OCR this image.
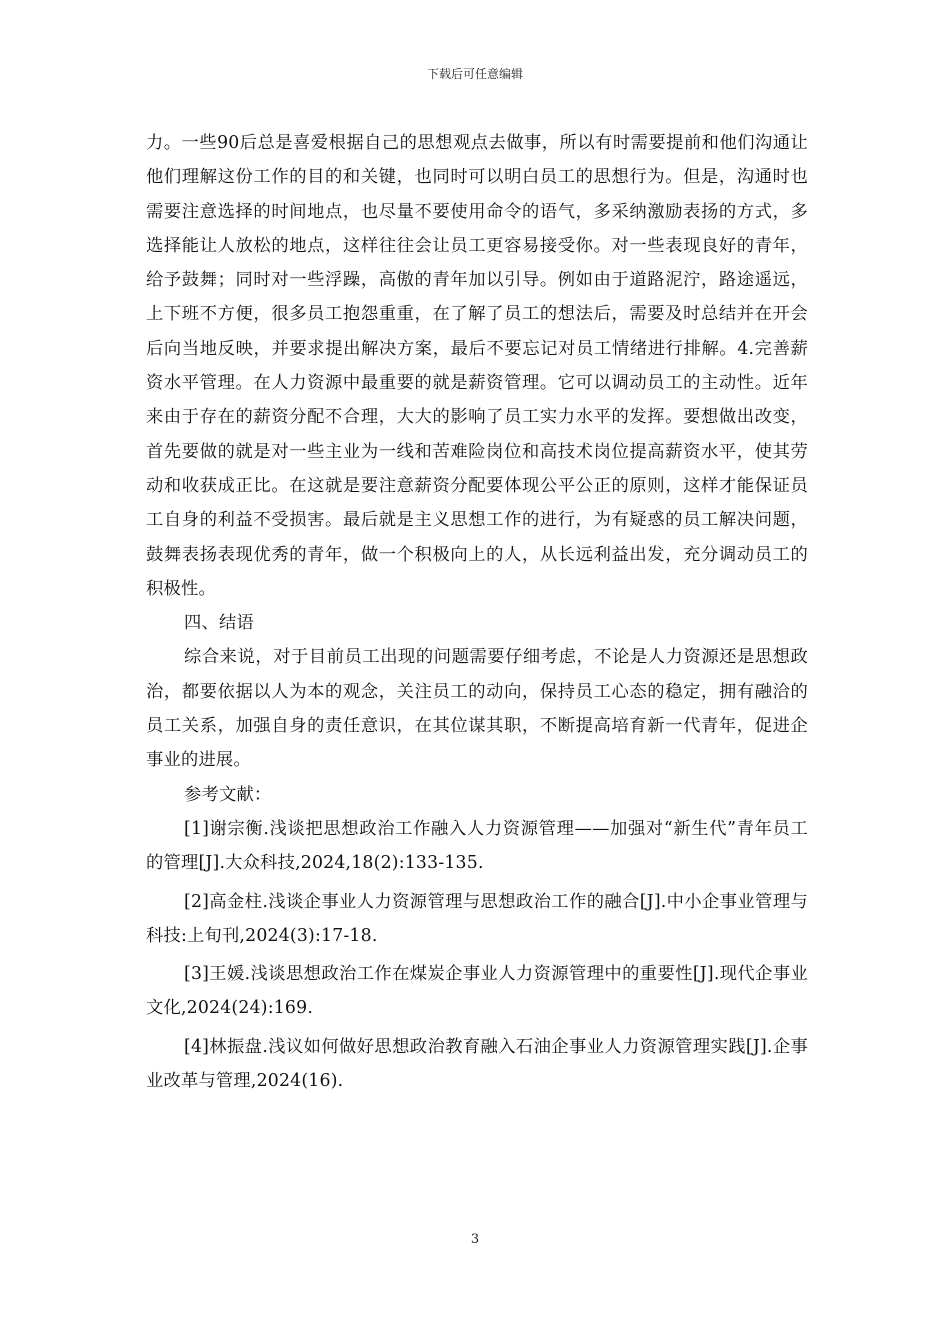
下载后可任意编辑

力。一些90后总是喜爱根据自己的思想观点去做事，所以有时需要提前和他们沟通让他们理解这份工作的目的和关键，也同时可以明白员工的思想行为。但是，沟通时也需要注意选择的时间地点，也尽量不要使用命令的语气，多采纳激励表扬的方式，多选择能让人放松的地点，这样往往会让员工更容易接受你。对一些表现良好的青年，给予鼓舞；同时对一些浮躁，高傲的青年加以引导。例如由于道路泥泞，路途遥远，上下班不方便，很多员工抱怨重重，在了解了员工的想法后，需要及时总结并在开会后向当地反映，并要求提出解决方案，最后不要忘记对员工情绪进行排解。4.完善薪资水平管理。在人力资源中最重要的就是薪资管理。它可以调动员工的主动性。近年来由于存在的薪资分配不合理，大大的影响了员工实力水平的发挥。要想做出改变，首先要做的就是对一些主业为一线和苦难险岗位和高技术岗位提高薪资水平，使其劳动和收获成正比。在这就是要注意薪资分配要体现公平公正的原则，这样才能保证员工自身的利益不受损害。最后就是主义思想工作的进行，为有疑惑的员工解决问题，鼓舞表扬表现优秀的青年，做一个积极向上的人，从长远利益出发，充分调动员工的积极性。

四、结语

综合来说，对于目前员工出现的问题需要仔细考虑，不论是人力资源还是思想政治，都要依据以人为本的观念，关注员工的动向，保持员工心态的稳定，拥有融洽的员工关系，加强自身的责任意识，在其位谋其职，不断提高培育新一代青年，促进企事业的进展。

参考文献：

[1]谢宗衡.浅谈把思想政治工作融入人力资源管理——加强对“新生代”青年员工的管理[J].大众科技,2024,18(2):133-135.

[2]高金柱.浅谈企事业人力资源管理与思想政治工作的融合[J].中小企事业管理与科技:上旬刊,2024(3):17-18.

[3]王媛.浅谈思想政治工作在煤炭企事业人力资源管理中的重要性[J].现代企事业文化,2024(24):169.

[4]林振盘.浅议如何做好思想政治教育融入石油企事业人力资源管理实践[J].企事业改革与管理,2024(16).

3
